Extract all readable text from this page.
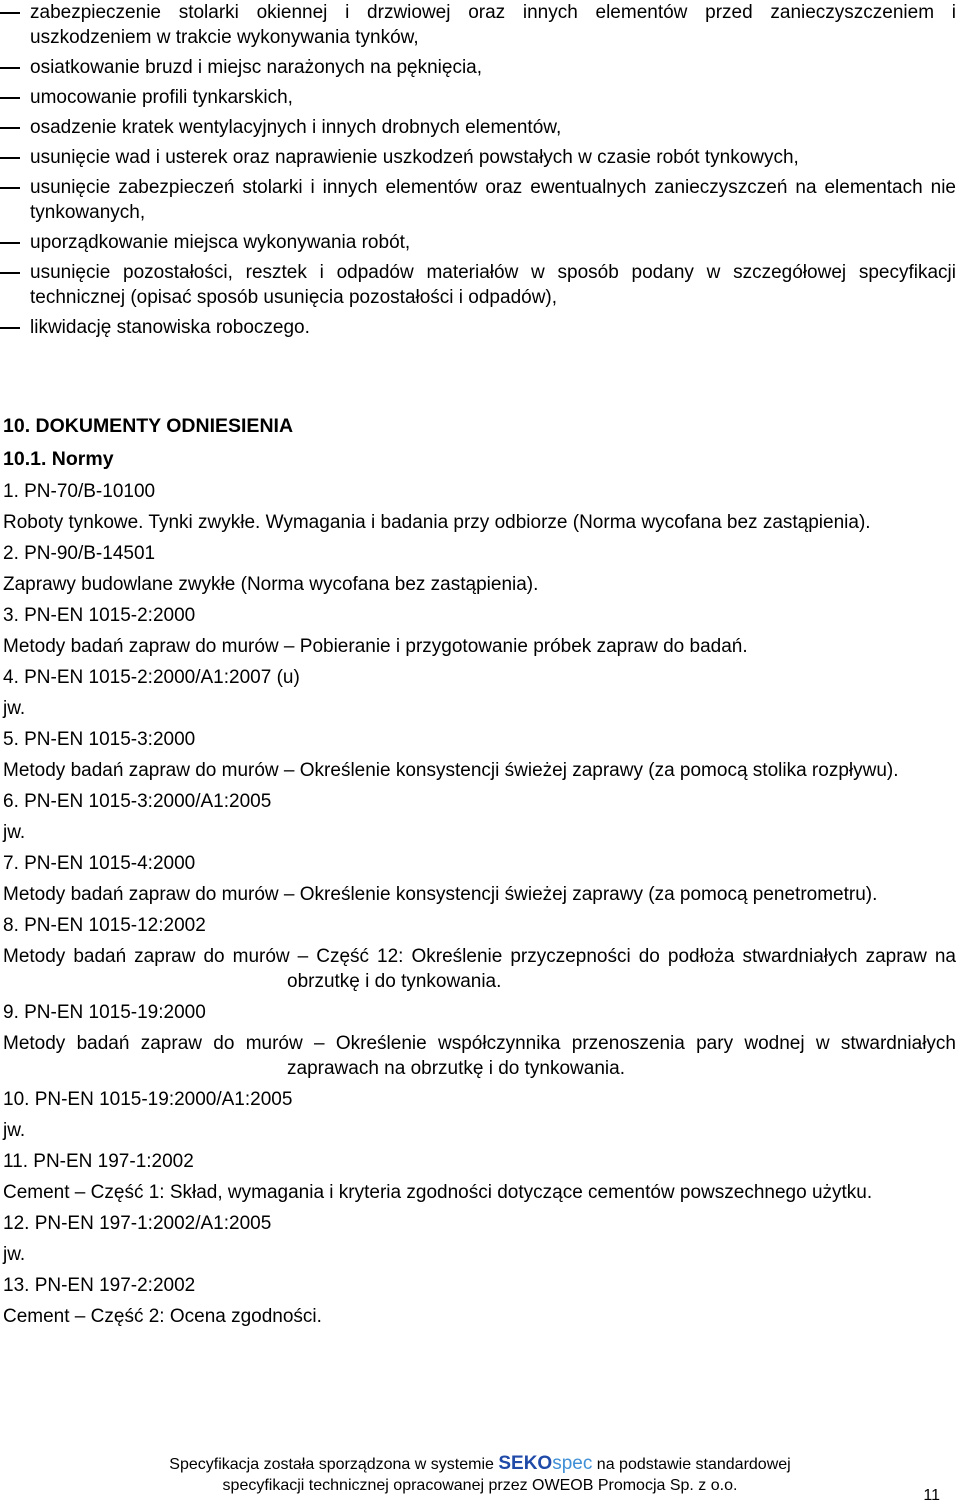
zabezpieczenie stolarki okiennej i drzwiowej oraz innych elementów przed zanieczyszczeniem i uszkodzeniem w trakcie wykonywania tynków,
osiatkowanie bruzd i miejsc narażonych na pęknięcia,
umocowanie profili tynkarskich,
osadzenie kratek wentylacyjnych i innych drobnych elementów,
usunięcie wad i usterek oraz naprawienie uszkodzeń powstałych w czasie robót tynkowych,
usunięcie zabezpieczeń stolarki i innych elementów oraz ewentualnych zanieczyszczeń na elementach nie tynkowanych,
uporządkowanie miejsca wykonywania robót,
usunięcie pozostałości, resztek i odpadów materiałów w sposób podany w szczegółowej specyfikacji technicznej (opisać sposób usunięcia pozostałości i odpadów),
likwidację stanowiska roboczego.
10. DOKUMENTY ODNIESIENIA
10.1. Normy
1. PN-70/B-10100
Roboty tynkowe. Tynki zwykłe. Wymagania i badania przy odbiorze (Norma wycofana bez zastąpienia).
2. PN-90/B-14501
Zaprawy budowlane zwykłe (Norma wycofana bez zastąpienia).
3. PN-EN 1015-2:2000
Metody badań zapraw do murów – Pobieranie i przygotowanie próbek zapraw do badań.
4. PN-EN 1015-2:2000/A1:2007 (u)
jw.
5. PN-EN 1015-3:2000
Metody badań zapraw do murów – Określenie konsystencji świeżej zaprawy (za pomocą stolika rozpływu).
6. PN-EN 1015-3:2000/A1:2005
jw.
7. PN-EN 1015-4:2000
Metody badań zapraw do murów – Określenie konsystencji świeżej zaprawy (za pomocą penetrometru).
8. PN-EN 1015-12:2002
Metody badań zapraw do murów – Część 12: Określenie przyczepności do podłoża stwardniałych zapraw na obrzutkę i do tynkowania.
9. PN-EN 1015-19:2000
Metody badań zapraw do murów – Określenie współczynnika przenoszenia pary wodnej w stwardniałych zaprawach na obrzutkę i do tynkowania.
10. PN-EN 1015-19:2000/A1:2005
jw.
11. PN-EN 197-1:2002
Cement – Część 1: Skład, wymagania i kryteria zgodności dotyczące cementów powszechnego użytku.
12. PN-EN 197-1:2002/A1:2005
jw.
13. PN-EN 197-2:2002
Cement – Część 2: Ocena zgodności.
Specyfikacja została sporządzona w systemie SEKOspec na podstawie standardowej
specyfikacji technicznej opracowanej przez OWEOB Promocja Sp. z o.o.
11
